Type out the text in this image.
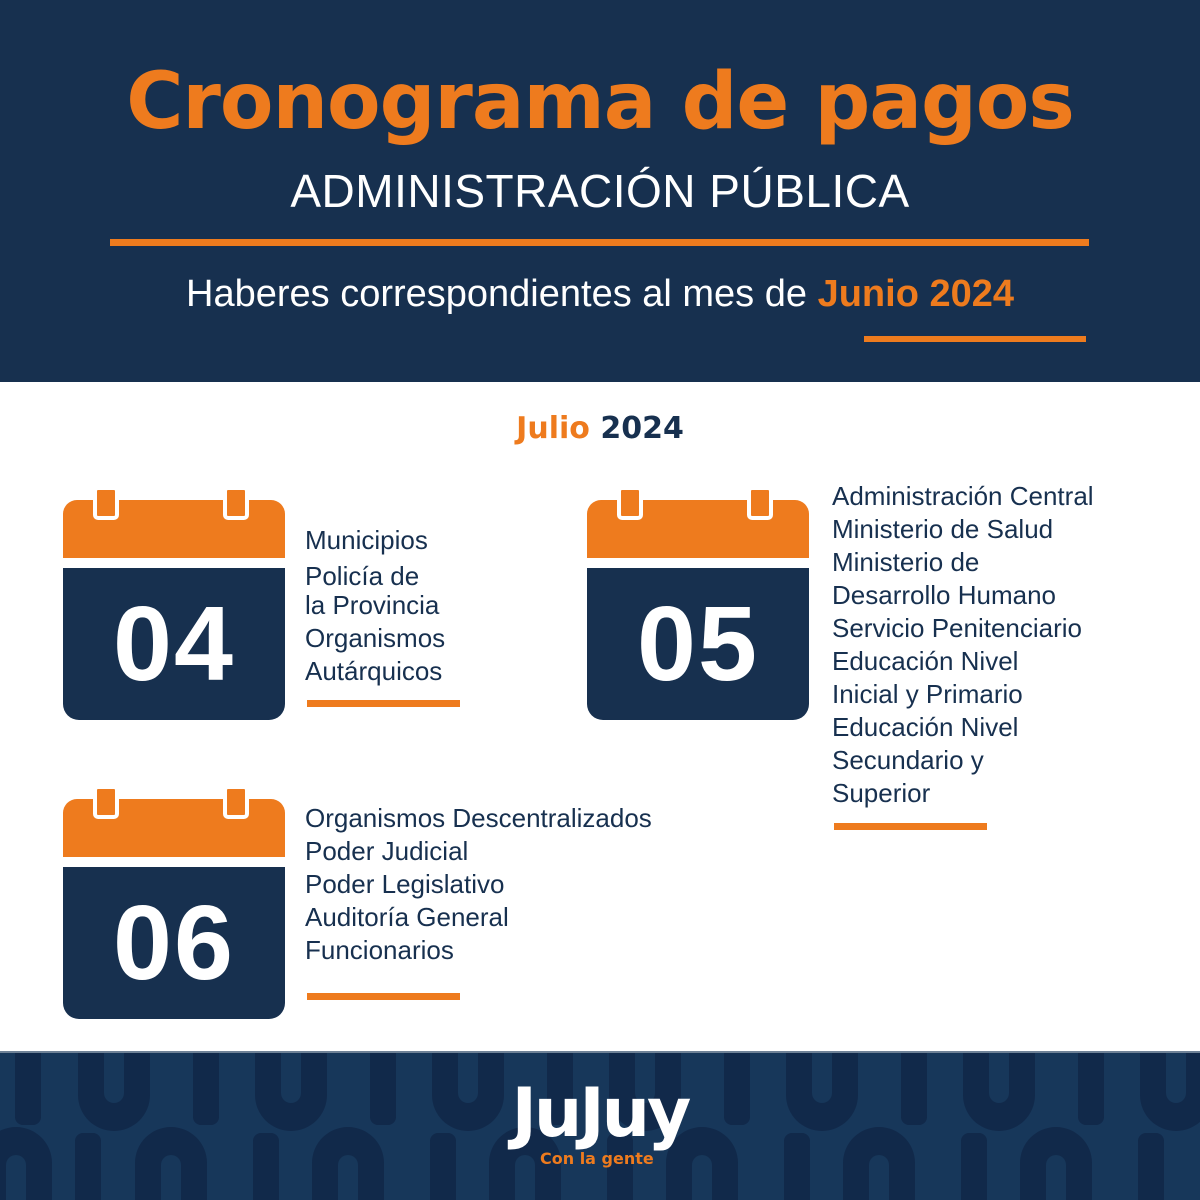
Cronograma de pagos
ADMINISTRACIÓN PÚBLICA
Haberes correspondientes al mes de Junio 2024
Julio 2024
04
Municipios
Policía de
la Provincia
Organismos
Autárquicos 05
Administración Central
Ministerio de Salud
Ministerio de
Desarrollo Humano
Servicio Penitenciario
Educación Nivel
Inicial y Primario
Educación Nivel
Secundario y
Superior
06
Organismos Descentralizados
Poder Judicial
Poder Legislativo
Auditoría General
Funcionarios
JuJuy
Con la gente
